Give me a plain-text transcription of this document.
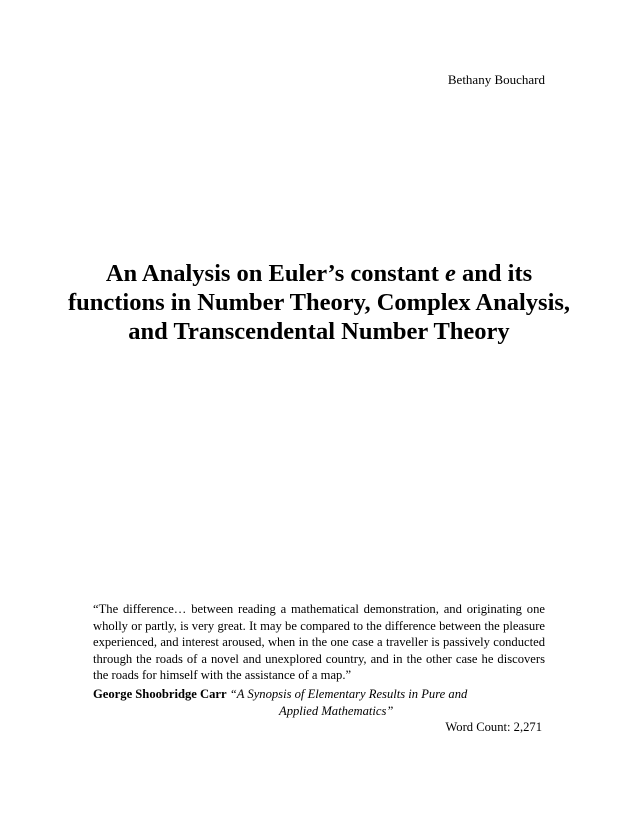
Bethany Bouchard
An Analysis on Euler’s constant e and its
functions in Number Theory, Complex Analysis,
and Transcendental Number Theory

“The difference… between reading a mathematical demonstration, and originating one
wholly or partly, is very great. It may be compared to the difference between the pleasure
experienced, and interest aroused, when in the one case a traveller is passively conducted
through the roads of a novel and unexplored country, and in the other case he discovers
the roads for himself with the assistance of a map.”

George Shoobridge Carr “A Synopsis of Elementary Results in Pure and
Applied Mathematics”
Word Count: 2,271
